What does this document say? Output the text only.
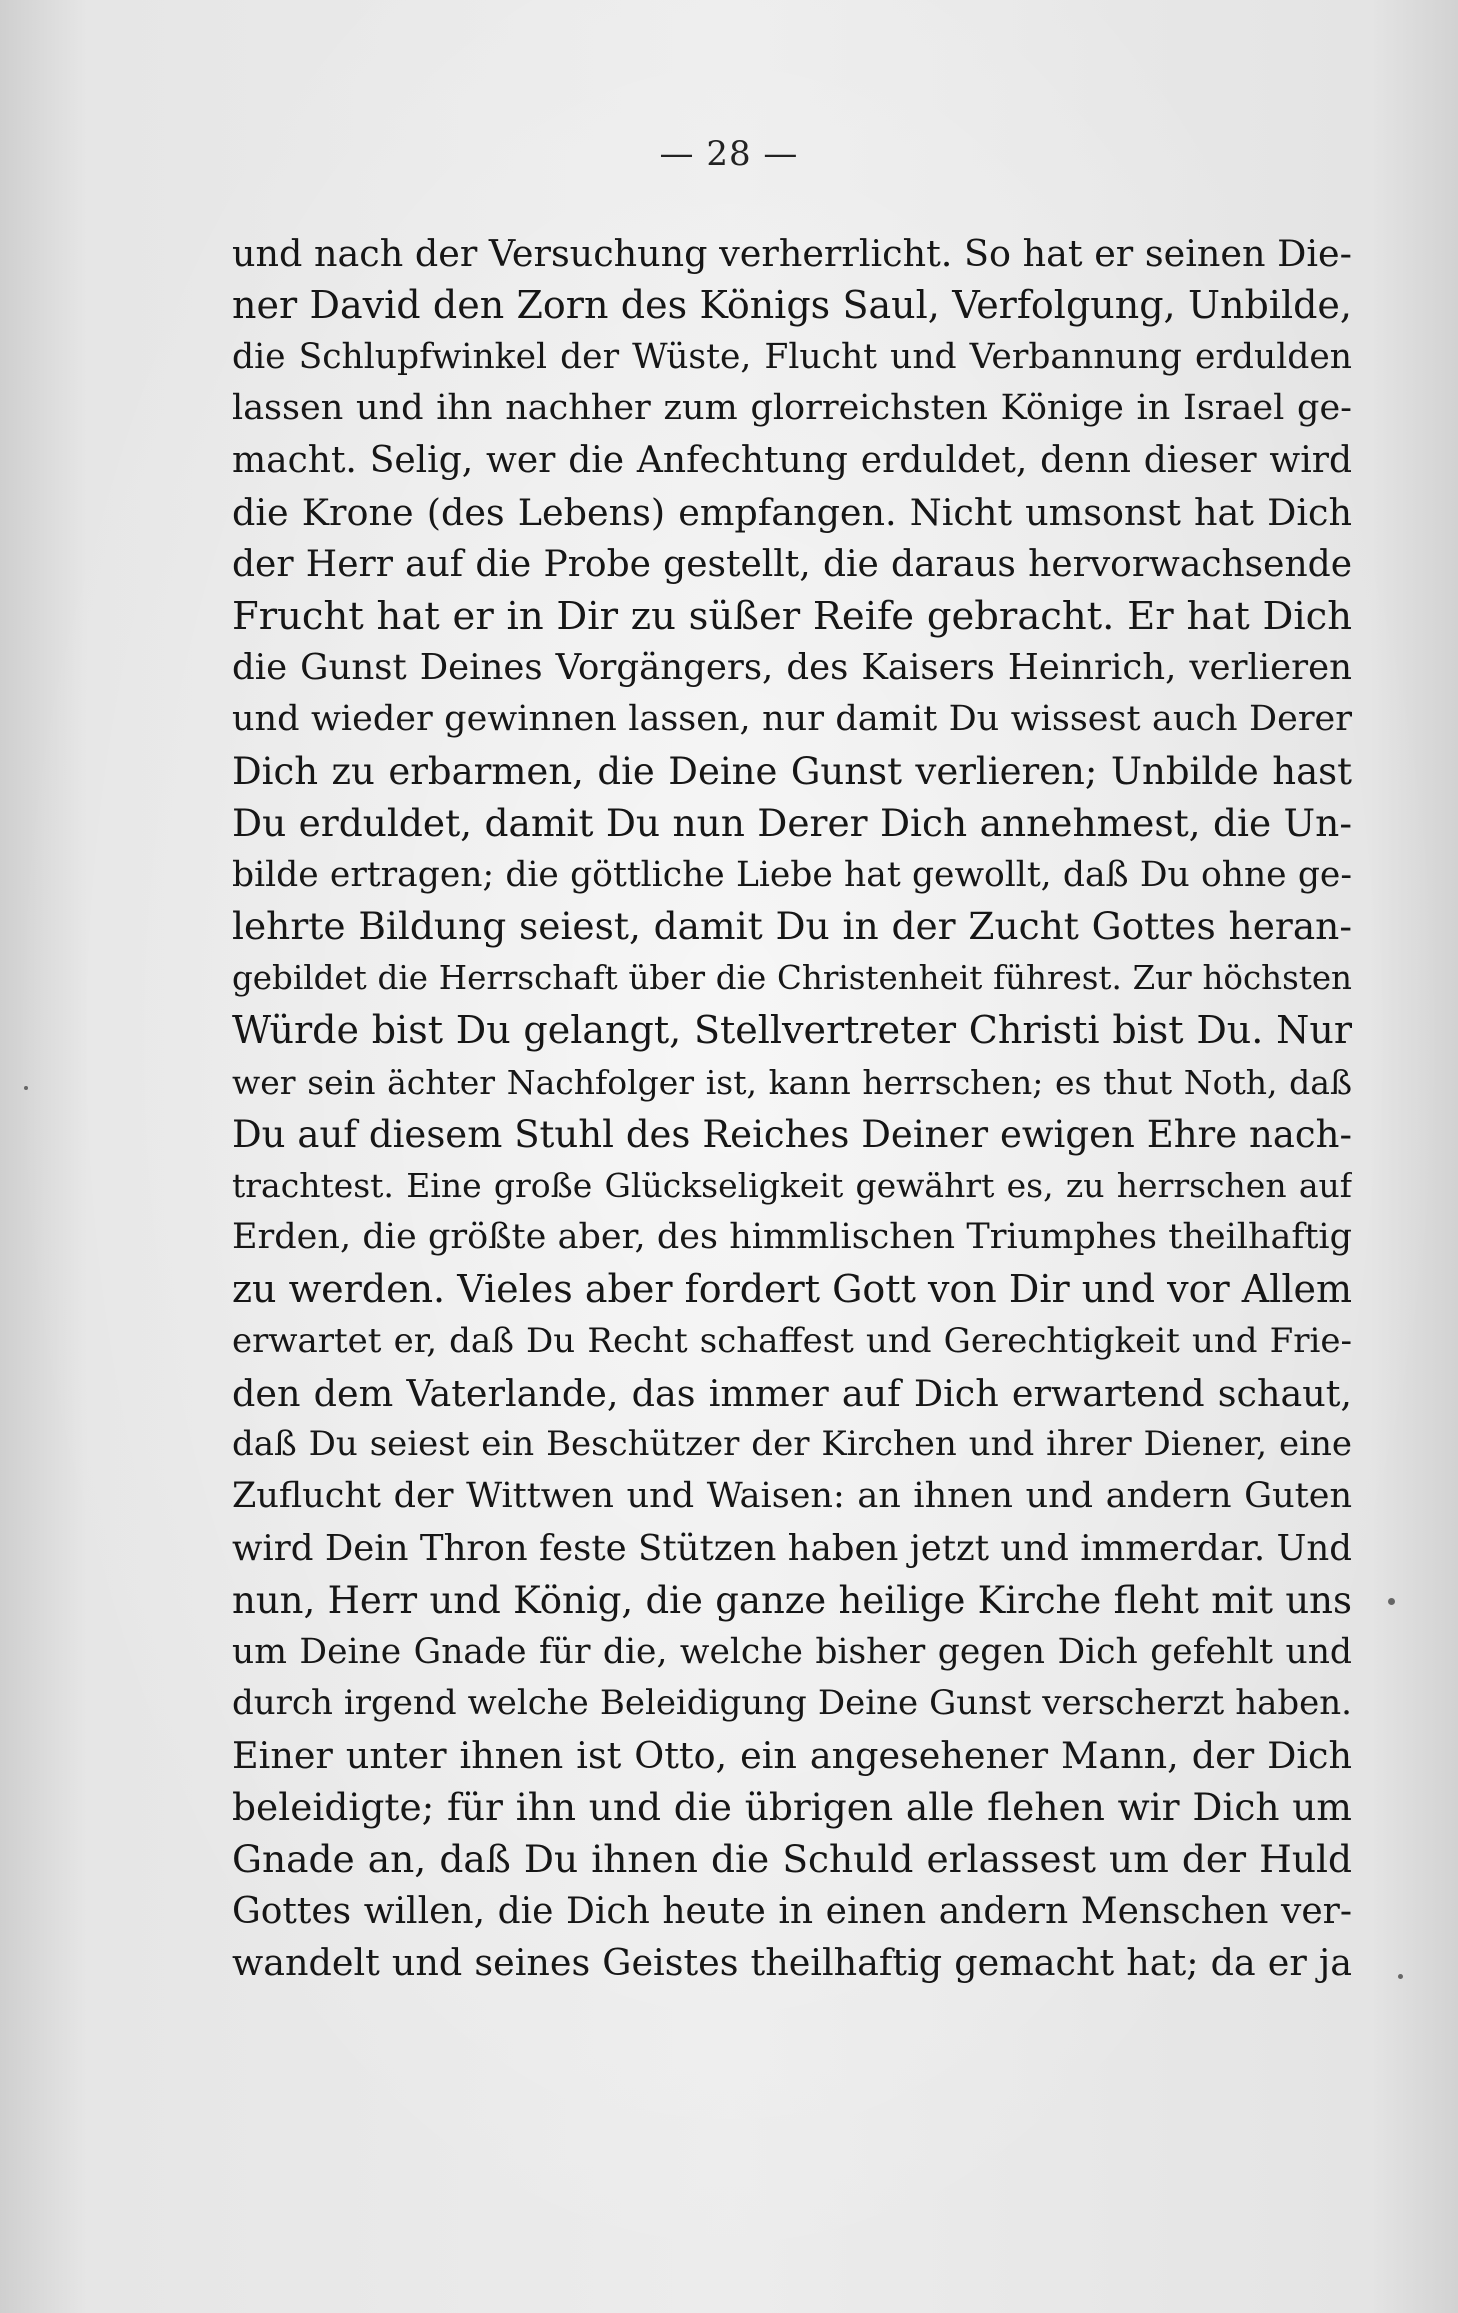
— 28 —
und nach der Versuchung verherrlicht. So hat er seinen Die-
ner David den Zorn des Königs Saul, Verfolgung, Unbilde,
die Schlupfwinkel der Wüste, Flucht und Verbannung erdulden
lassen und ihn nachher zum glorreichsten Könige in Israel ge-
macht. Selig, wer die Anfechtung erduldet, denn dieser wird
die Krone (des Lebens) empfangen. Nicht umsonst hat Dich
der Herr auf die Probe gestellt, die daraus hervorwachsende
Frucht hat er in Dir zu süßer Reife gebracht. Er hat Dich
die Gunst Deines Vorgängers, des Kaisers Heinrich, verlieren
und wieder gewinnen lassen, nur damit Du wissest auch Derer
Dich zu erbarmen, die Deine Gunst verlieren; Unbilde hast
Du erduldet, damit Du nun Derer Dich annehmest, die Un-
bilde ertragen; die göttliche Liebe hat gewollt, daß Du ohne ge-
lehrte Bildung seiest, damit Du in der Zucht Gottes heran-
gebildet die Herrschaft über die Christenheit führest. Zur höchsten
Würde bist Du gelangt, Stellvertreter Christi bist Du. Nur
wer sein ächter Nachfolger ist, kann herrschen; es thut Noth, daß
Du auf diesem Stuhl des Reiches Deiner ewigen Ehre nach-
trachtest. Eine große Glückseligkeit gewährt es, zu herrschen auf
Erden, die größte aber, des himmlischen Triumphes theilhaftig
zu werden. Vieles aber fordert Gott von Dir und vor Allem
erwartet er, daß Du Recht schaffest und Gerechtigkeit und Frie-
den dem Vaterlande, das immer auf Dich erwartend schaut,
daß Du seiest ein Beschützer der Kirchen und ihrer Diener, eine
Zuflucht der Wittwen und Waisen: an ihnen und andern Guten
wird Dein Thron feste Stützen haben jetzt und immerdar. Und
nun, Herr und König, die ganze heilige Kirche fleht mit uns
um Deine Gnade für die, welche bisher gegen Dich gefehlt und
durch irgend welche Beleidigung Deine Gunst verscherzt haben.
Einer unter ihnen ist Otto, ein angesehener Mann, der Dich
beleidigte; für ihn und die übrigen alle flehen wir Dich um
Gnade an, daß Du ihnen die Schuld erlassest um der Huld
Gottes willen, die Dich heute in einen andern Menschen ver-
wandelt und seines Geistes theilhaftig gemacht hat; da er ja
